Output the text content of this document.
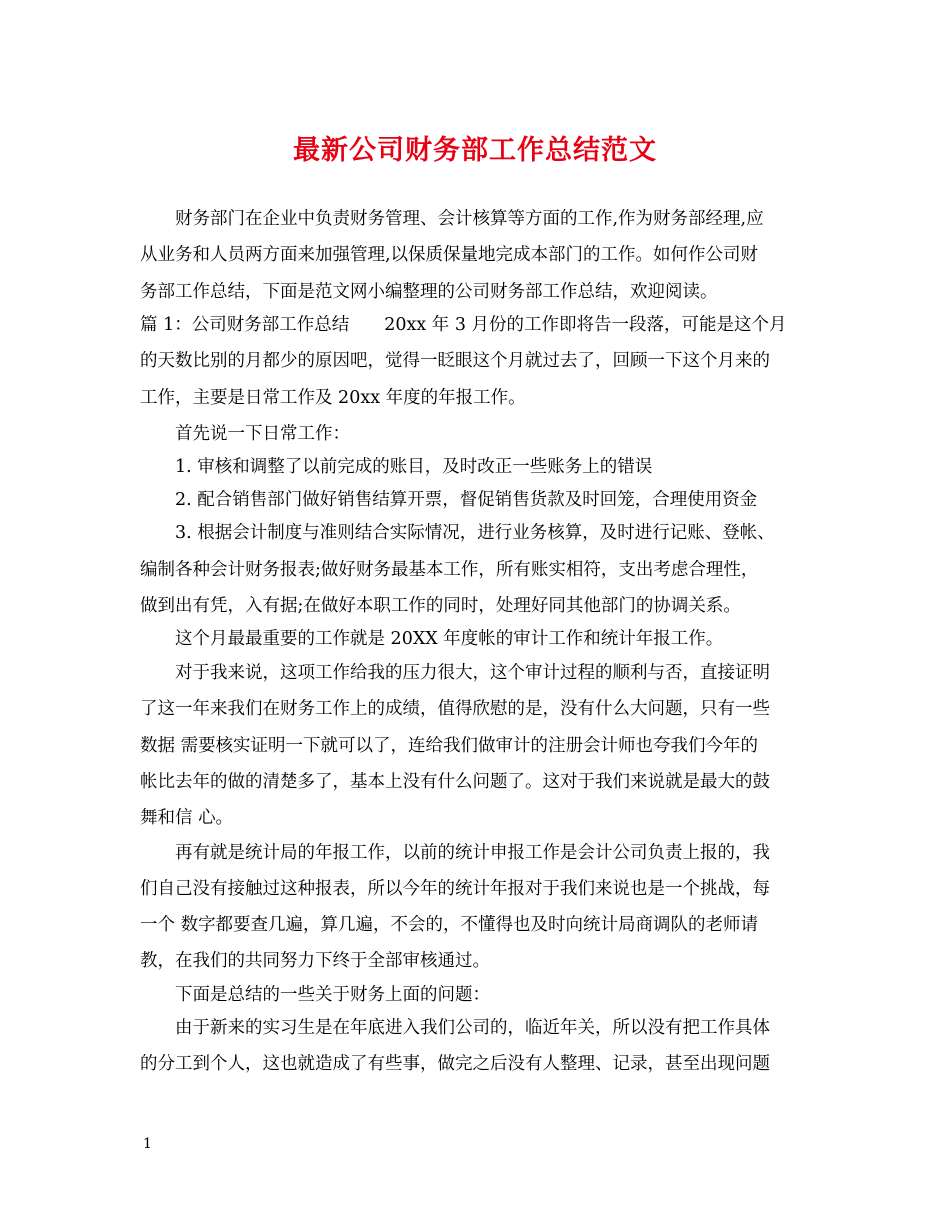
最新公司财务部工作总结范文

　　财务部门在企业中负责财务管理、会计核算等方面的工作,作为财务部经理,应

从业务和人员两方面来加强管理,以保质保量地完成本部门的工作。如何作公司财

务部工作总结，下面是范文网小编整理的公司财务部工作总结，欢迎阅读。

篇 1：公司财务部工作总结　　20xx 年 3 月份的工作即将告一段落，可能是这个月

的天数比别的月都少的原因吧，觉得一眨眼这个月就过去了，回顾一下这个月来的

工作，主要是日常工作及 20xx 年度的年报工作。

　　首先说一下日常工作：

　　1. 审核和调整了以前完成的账目，及时改正一些账务上的错误

　　2. 配合销售部门做好销售结算开票，督促销售货款及时回笼，合理使用资金

　　3. 根据会计制度与准则结合实际情况，进行业务核算，及时进行记账、登帐、

编制各种会计财务报表;做好财务最基本工作，所有账实相符，支出考虑合理性，

做到出有凭，入有据;在做好本职工作的同时，处理好同其他部门的协调关系。

　　这个月最最重要的工作就是 20XX 年度帐的审计工作和统计年报工作。

　　对于我来说，这项工作给我的压力很大，这个审计过程的顺利与否，直接证明

了这一年来我们在财务工作上的成绩，值得欣慰的是，没有什么大问题，只有一些

数据 需要核实证明一下就可以了，连给我们做审计的注册会计师也夸我们今年的

帐比去年的做的清楚多了，基本上没有什么问题了。这对于我们来说就是最大的鼓

舞和信 心。

　　再有就是统计局的年报工作，以前的统计申报工作是会计公司负责上报的，我

们自己没有接触过这种报表，所以今年的统计年报对于我们来说也是一个挑战，每

一个 数字都要查几遍，算几遍，不会的，不懂得也及时向统计局商调队的老师请

教，在我们的共同努力下终于全部审核通过。

　　下面是总结的一些关于财务上面的问题：

　　由于新来的实习生是在年底进入我们公司的，临近年关，所以没有把工作具体

的分工到个人，这也就造成了有些事，做完之后没有人整理、记录，甚至出现问题

1
